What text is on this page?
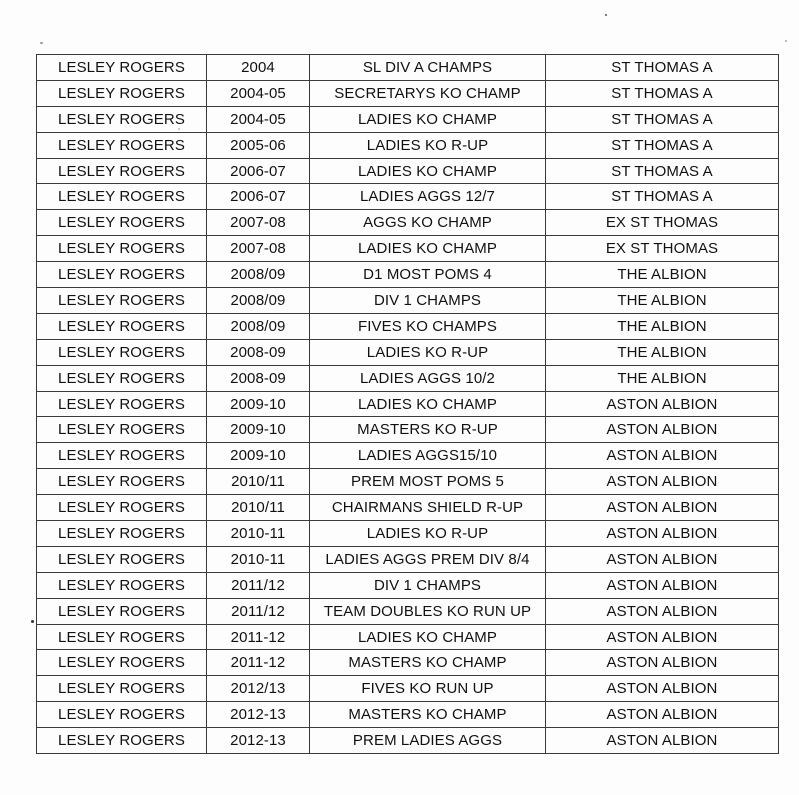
LESLEY ROGERS	2004	SL DIV A CHAMPS	ST THOMAS A
LESLEY ROGERS	2004-05	SECRETARYS KO CHAMP	ST THOMAS A
LESLEY ROGERS	2004-05	LADIES KO CHAMP	ST THOMAS A
LESLEY ROGERS	2005-06	LADIES KO R-UP	ST THOMAS A
LESLEY ROGERS	2006-07	LADIES KO CHAMP	ST THOMAS A
LESLEY ROGERS	2006-07	LADIES AGGS 12/7	ST THOMAS A
LESLEY ROGERS	2007-08	AGGS KO CHAMP	EX ST THOMAS
LESLEY ROGERS	2007-08	LADIES KO CHAMP	EX ST THOMAS
LESLEY ROGERS	2008/09	D1 MOST POMS 4	THE ALBION
LESLEY ROGERS	2008/09	DIV 1 CHAMPS	THE ALBION
LESLEY ROGERS	2008/09	FIVES KO CHAMPS	THE ALBION
LESLEY ROGERS	2008-09	LADIES KO R-UP	THE ALBION
LESLEY ROGERS	2008-09	LADIES AGGS 10/2	THE ALBION
LESLEY ROGERS	2009-10	LADIES KO CHAMP	ASTON ALBION
LESLEY ROGERS	2009-10	MASTERS KO R-UP	ASTON ALBION
LESLEY ROGERS	2009-10	LADIES AGGS15/10	ASTON ALBION
LESLEY ROGERS	2010/11	PREM MOST POMS 5	ASTON ALBION
LESLEY ROGERS	2010/11	CHAIRMANS SHIELD R-UP	ASTON ALBION
LESLEY ROGERS	2010-11	LADIES KO R-UP	ASTON ALBION
LESLEY ROGERS	2010-11	LADIES AGGS PREM DIV 8/4	ASTON ALBION
LESLEY ROGERS	2011/12	DIV 1 CHAMPS	ASTON ALBION
LESLEY ROGERS	2011/12	TEAM DOUBLES KO RUN UP	ASTON ALBION
LESLEY ROGERS	2011-12	LADIES KO CHAMP	ASTON ALBION
LESLEY ROGERS	2011-12	MASTERS KO CHAMP	ASTON ALBION
LESLEY ROGERS	2012/13	FIVES KO RUN UP	ASTON ALBION
LESLEY ROGERS	2012-13	MASTERS KO CHAMP	ASTON ALBION
LESLEY ROGERS	2012-13	PREM LADIES AGGS	ASTON ALBION
